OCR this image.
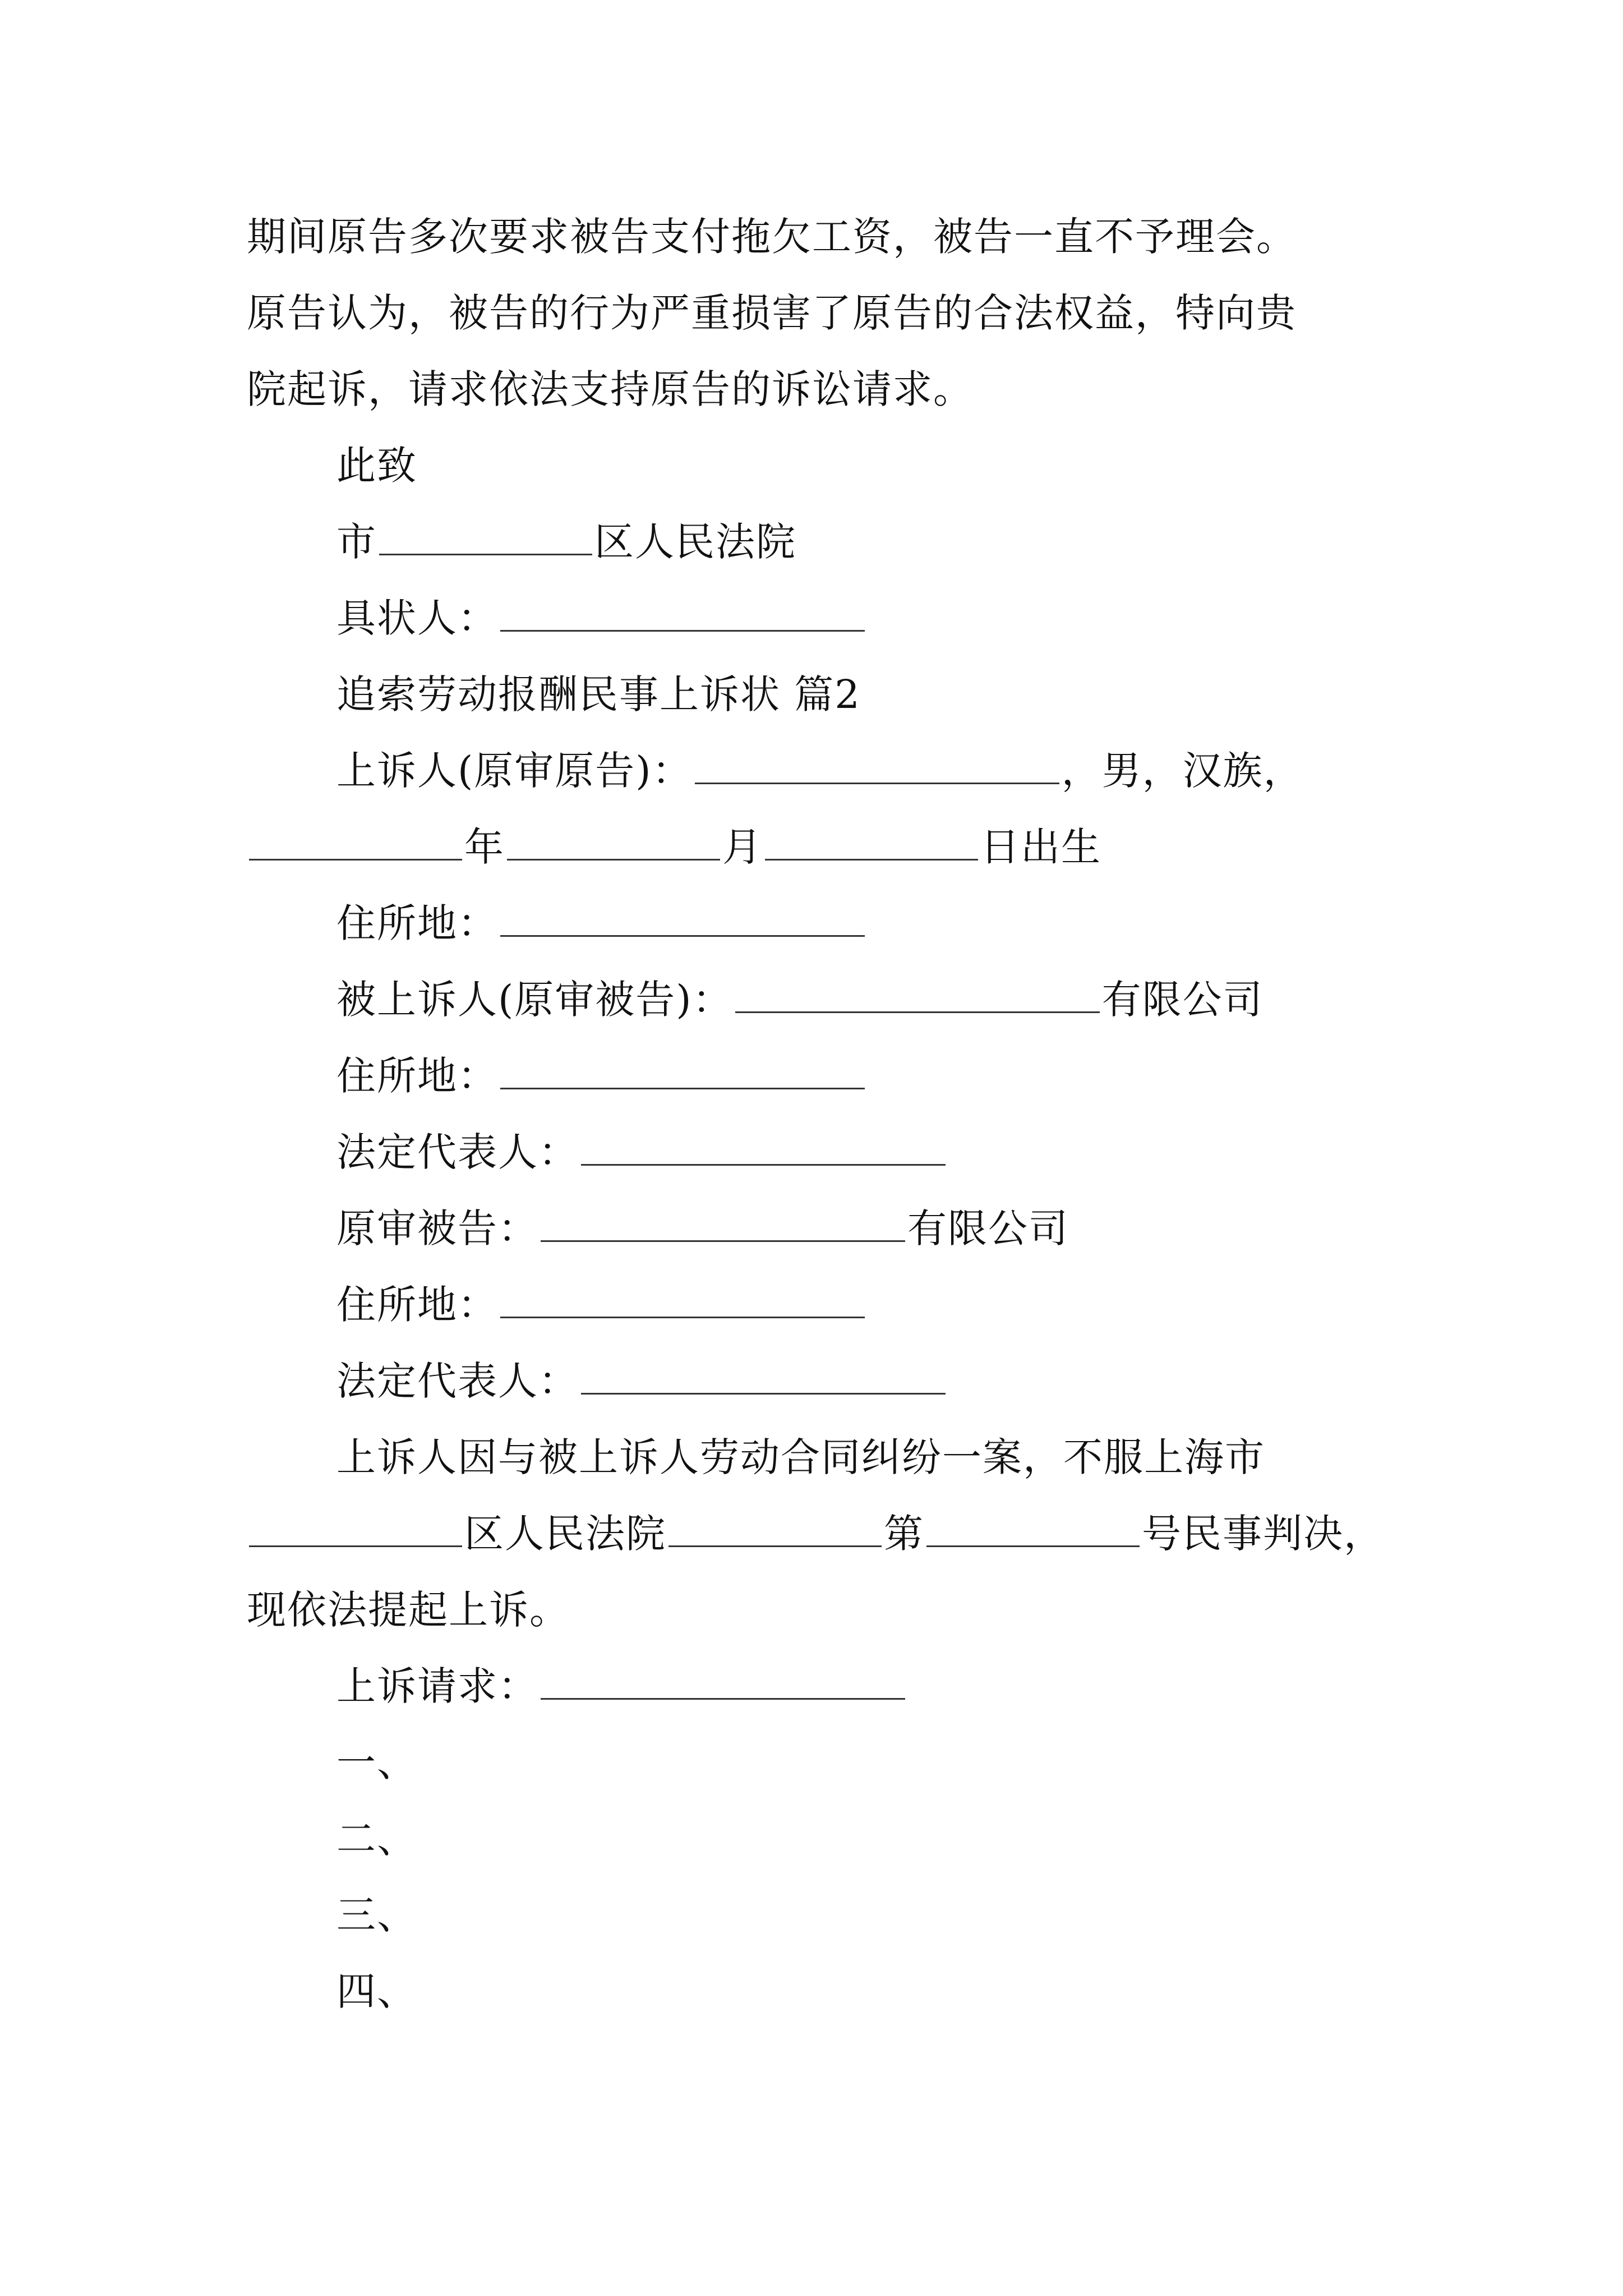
期间原告多次要求被告支付拖欠工资，被告一直不予理会。
原告认为，被告的行为严重损害了原告的合法权益，特向贵
院起诉，请求依法支持原告的诉讼请求。
此致
市	区人民法院
具状人：
追索劳动报酬民事上诉状 篇2
上诉人(原审原告)：	，男，汉族，
年	月	日出生
住所地：
被上诉人(原审被告)：	有限公司
住所地：
法定代表人：
原审被告：	有限公司
住所地：
法定代表人：
上诉人因与被上诉人劳动合同纠纷一案，不服上海市
区人民法院	第	号民事判决，
现依法提起上诉。
上诉请求：
一、
二、
三、
四、
